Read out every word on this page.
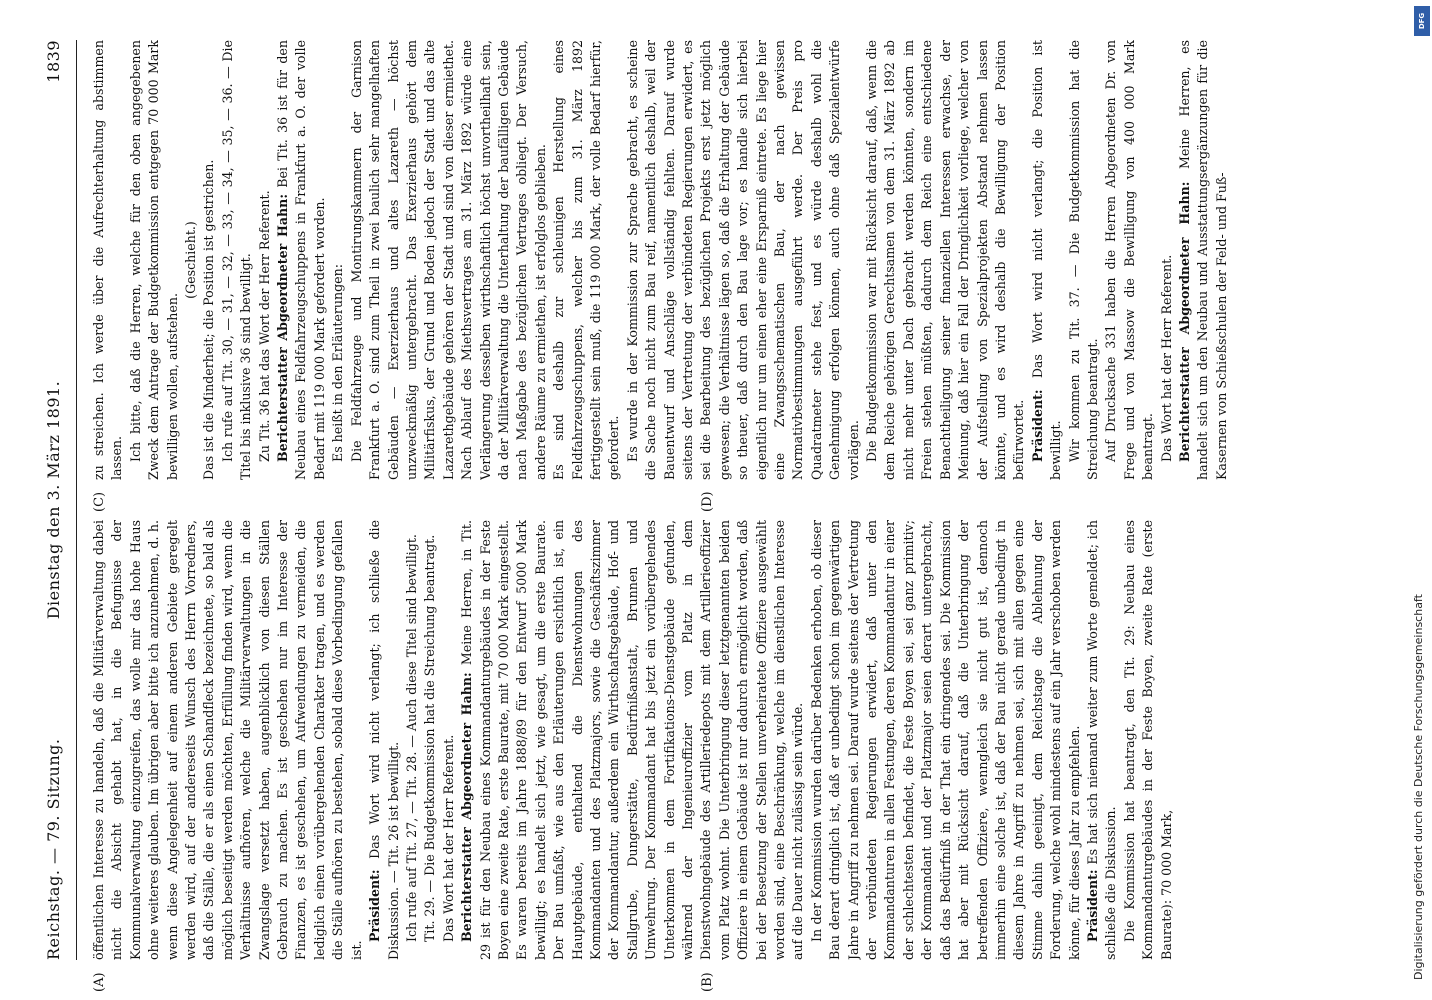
Reichstag. — 79. Sitzung.
Dienstag den 3. März 1891.
1839
(A)	(B)
(C)	(D)

öffentlichen Interesse zu handeln, daß die Militärverwaltung dabei nicht die Absicht gehabt hat, in die Befugnisse der Kommunalverwaltung einzugreifen, das wolle mir das hohe Haus ohne weiteres glauben. Im übrigen aber bitte ich anzunehmen, d. h. wenn diese Angelegenheit auf einem anderen Gebiete geregelt werden wird, auf der andereseits Wunsch des Herrn Vorredners, daß die Ställe, die er als einen Schandfleck bezeichnete, so bald als möglich beseitigt werden möchten, Erfüllung finden wird, wenn die Verhältnisse aufhören, welche die Militärverwaltungen in die Zwangslage versetzt haben, augenblicklich von diesen Ställen Gebrauch zu machen. Es ist geschehen nur im Interesse der Finanzen, es ist geschehen, um Aufwendungen zu vermeiden, die lediglich einen vorübergehenden Charakter tragen, und es werden die Ställe aufhören zu bestehen, sobald diese Vorbedingung gefallen ist.

Präsident: Das Wort wird nicht verlangt; ich schließe die Diskussion. — Tit. 26 ist bewilligt. Ich rufe auf Tit. 27, — Tit. 28. — Auch diese Titel sind bewilligt. Tit. 29. — Die Budgetkommission hat die Streichung beantragt. Das Wort hat der Herr Referent. Berichterstatter Abgeordneter Hahn: Meine Herren, in Tit. 29 ist für den Neubau eines Kommandanturgebäudes in der Feste Boyen eine zweite Rate, erste Baurate, mit 70 000 Mark eingestellt. Es waren bereits im Jahre 1888/89 für den Entwurf 5000 Mark bewilligt; es handelt sich jetzt, wie gesagt, um die erste Baurate. Der Bau umfaßt, wie aus den Erläuterungen ersichtlich ist, ein Hauptgebäude, enthaltend die Dienstwohnungen des Kommandanten und des Platzmajors, sowie die Geschäftszimmer der Kommandantur, außerdem ein Wirthschaftsgebäude, Hof- und Stallgrube, Dungerstätte, Bedürfnißanstalt, Brunnen und Umwehrung. Der Kommandant hat bis jetzt ein vorübergehendes Unterkommen in dem Fortifikations-Dienstgebäude gefunden, während der Ingenieuroffizier vom Platz in dem Dienstwohngebäude des Artilleriedepots mit dem Artillerieoffizier vom Platz wohnt. Die Unterbringung dieser letztgenannten beiden Offiziere in einem Gebäude ist nur dadurch ermöglicht worden, daß bei der Besetzung der Stellen unverheiratete Offiziere ausgewählt worden sind, eine Beschränkung, welche im dienstlichen Interesse auf die Dauer nicht zulässig sein würde. In der Kommission wurden darüber Bedenken erhoben, ob dieser Bau derart dringlich ist, daß er unbedingt schon im gegenwärtigen Jahre in Angriff zu nehmen sei. Darauf wurde seitens der Vertretung der verbündeten Regierungen erwidert, daß unter den Kommandanturen in allen Festungen, deren Kommandantur in einer der schlechtesten befindet, die Feste Boyen sei, sei ganz primitiv; der Kommandant und der Platzmajor seien derart untergebracht, daß das Bedürfniß in der That ein dringendes sei. Die Kommission hat aber mit Rücksicht darauf, daß die Unterbringung der betreffenden Offiziere, wenngleich sie nicht gut ist, dennoch immerhin eine solche ist, daß der Bau nicht gerade unbedingt in diesem Jahre in Angriff zu nehmen sei, sich mit allen gegen eine Stimme dahin geeinigt, dem Reichstage die Ablehnung der Forderung, welche wohl mindestens auf ein Jahr verschoben werden könne, für dieses Jahr zu empfehlen. Präsident: Es hat sich niemand weiter zum Worte gemeldet; ich schließe die Diskussion. Die Kommission hat beantragt, den Tit. 29: Neubau eines Kommandanturgebäudes in der Feste Boyen, zweite Rate (erste Baurate): 70 000 Mark,

zu streichen. Ich werde über die Aufrechterhaltung abstimmen lassen. Ich bitte, daß die Herren, welche für den oben angegebenen Zweck dem Antrage der Budgetkommission entgegen 70 000 Mark bewilligen wollen, aufstehen.

(Geschieht.) Das ist die Minderheit; die Position ist gestrichen. Ich rufe auf Tit. 30, — 31, — 32, — 33, — 34, — 35, — 36. — Die Titel bis inklusive 36 sind bewilligt. Zu Tit. 36 hat das Wort der Herr Referent. Berichterstatter Abgeordneter Hahn: Bei Tit. 36 ist für den Neubau eines Feldfahrzeugschuppens in Frankfurt a. O. der volle Bedarf mit 119 000 Mark gefordert worden. Es heißt in den Erläuterungen: Die Feldfahrzeuge und Montirungskammern der Garnison Frankfurt a. O. sind zum Theil in zwei baulich sehr mangelhaften Gebäuden — Exerzierhaus und altes Lazareth — höchst unzweckmäßig untergebracht. Das Exerzierhaus gehört dem Militärfiskus, der Grund und Boden jedoch der Stadt und das alte Lazarethgebäude gehören der Stadt und sind von dieser ermiethet. Nach Ablauf des Miethsvertrages am 31. März 1892 würde eine Verlängerung desselben wirthschaftlich höchst unvortheilhaft sein, da der Militärverwaltung die Unterhaltung der baufälligen Gebäude nach Maßgabe des bezüglichen Vertrages obliegt. Der Versuch, andere Räume zu ermiethen, ist erfolglos geblieben. Es sind deshalb zur schleunigen Herstellung eines Feldfahrzeugschuppens, welcher bis zum 31. März 1892 fertiggestellt sein muß, die 119 000 Mark, der volle Bedarf hierfür, gefordert. Es wurde in der Kommission zur Sprache gebracht, es scheine die Sache noch nicht zum Bau reif, namentlich deshalb, weil der Bauentwurf und Anschläge vollständig fehlten. Darauf wurde seitens der Vertretung der verbündeten Regierungen erwidert, es sei die Bearbeitung des bezüglichen Projekts erst jetzt möglich gewesen; die Verhältnisse lägen so, daß die Erhaltung der Gebäude so theuer, daß durch den Bau lage vor; es handle sich hierbei eigentlich nur um einen eher eine Ersparniß eintrete. Es liege hier eine Zwangsschematischen Bau, der nach gewissen Normativbestimmungen ausgeführt werde. Der Preis pro Quadratmeter stehe fest, und es würde deshalb wohl die Genehmigung erfolgen können, auch ohne daß Spezialentwürfe vorlägen. Die Budgetkommission war mit Rücksicht darauf, daß, wenn die dem Reiche gehörigen Gerechtsamen von dem 31. März 1892 ab nicht mehr unter Dach gebracht werden könnten, sondern im Freien stehen müßten, dadurch dem Reich eine entschiedene Benachtheiligung seiner finanziellen Interessen erwachse, der Meinung, daß hier ein Fall der Dringlichkeit vorliege, welcher von der Aufstellung von Spezialprojekten Abstand nehmen lassen könnte, und es wird deshalb die Bewilligung der Position befürwortet. Präsident: Das Wort wird nicht verlangt; die Position ist bewilligt. Wir kommen zu Tit. 37. — Die Budgetkommission hat die Streichung beantragt. Auf Drucksache 331 haben die Herren Abgeordneten Dr. von Frege und von Massow die Bewilligung von 400 000 Mark beantragt. Das Wort hat der Herr Referent. Berichterstatter Abgeordneter Hahn: Meine Herren, es handelt sich um den Neubau und Ausstattungsergänzungen für die Kasernen von Schießschulen der Feld- und Fuß-

DFG
Digitalisierung gefördert durch die Deutsche Forschungsgemeinschaft
